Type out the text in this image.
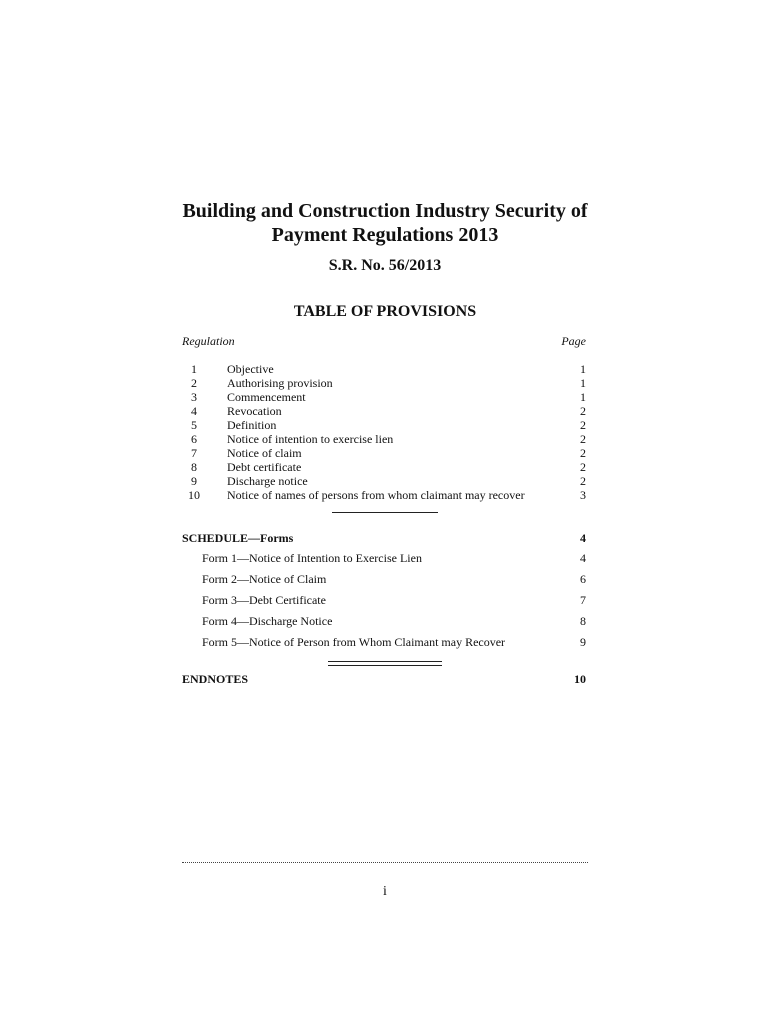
Building and Construction Industry Security of
Payment Regulations 2013
S.R. No. 56/2013
TABLE OF PROVISIONS
Regulation	Page
1	Objective	1
2	Authorising provision	1
3	Commencement	1
4	Revocation	2
5	Definition	2
6	Notice of intention to exercise lien	2
7	Notice of claim	2
8	Debt certificate	2
9	Discharge notice	2
10	Notice of names of persons from whom claimant may recover	3
SCHEDULE—Forms	4
Form 1—Notice of Intention to Exercise Lien	4
Form 2—Notice of Claim	6
Form 3—Debt Certificate	7
Form 4—Discharge Notice	8
Form 5—Notice of Person from Whom Claimant may Recover	9
ENDNOTES	10
i
